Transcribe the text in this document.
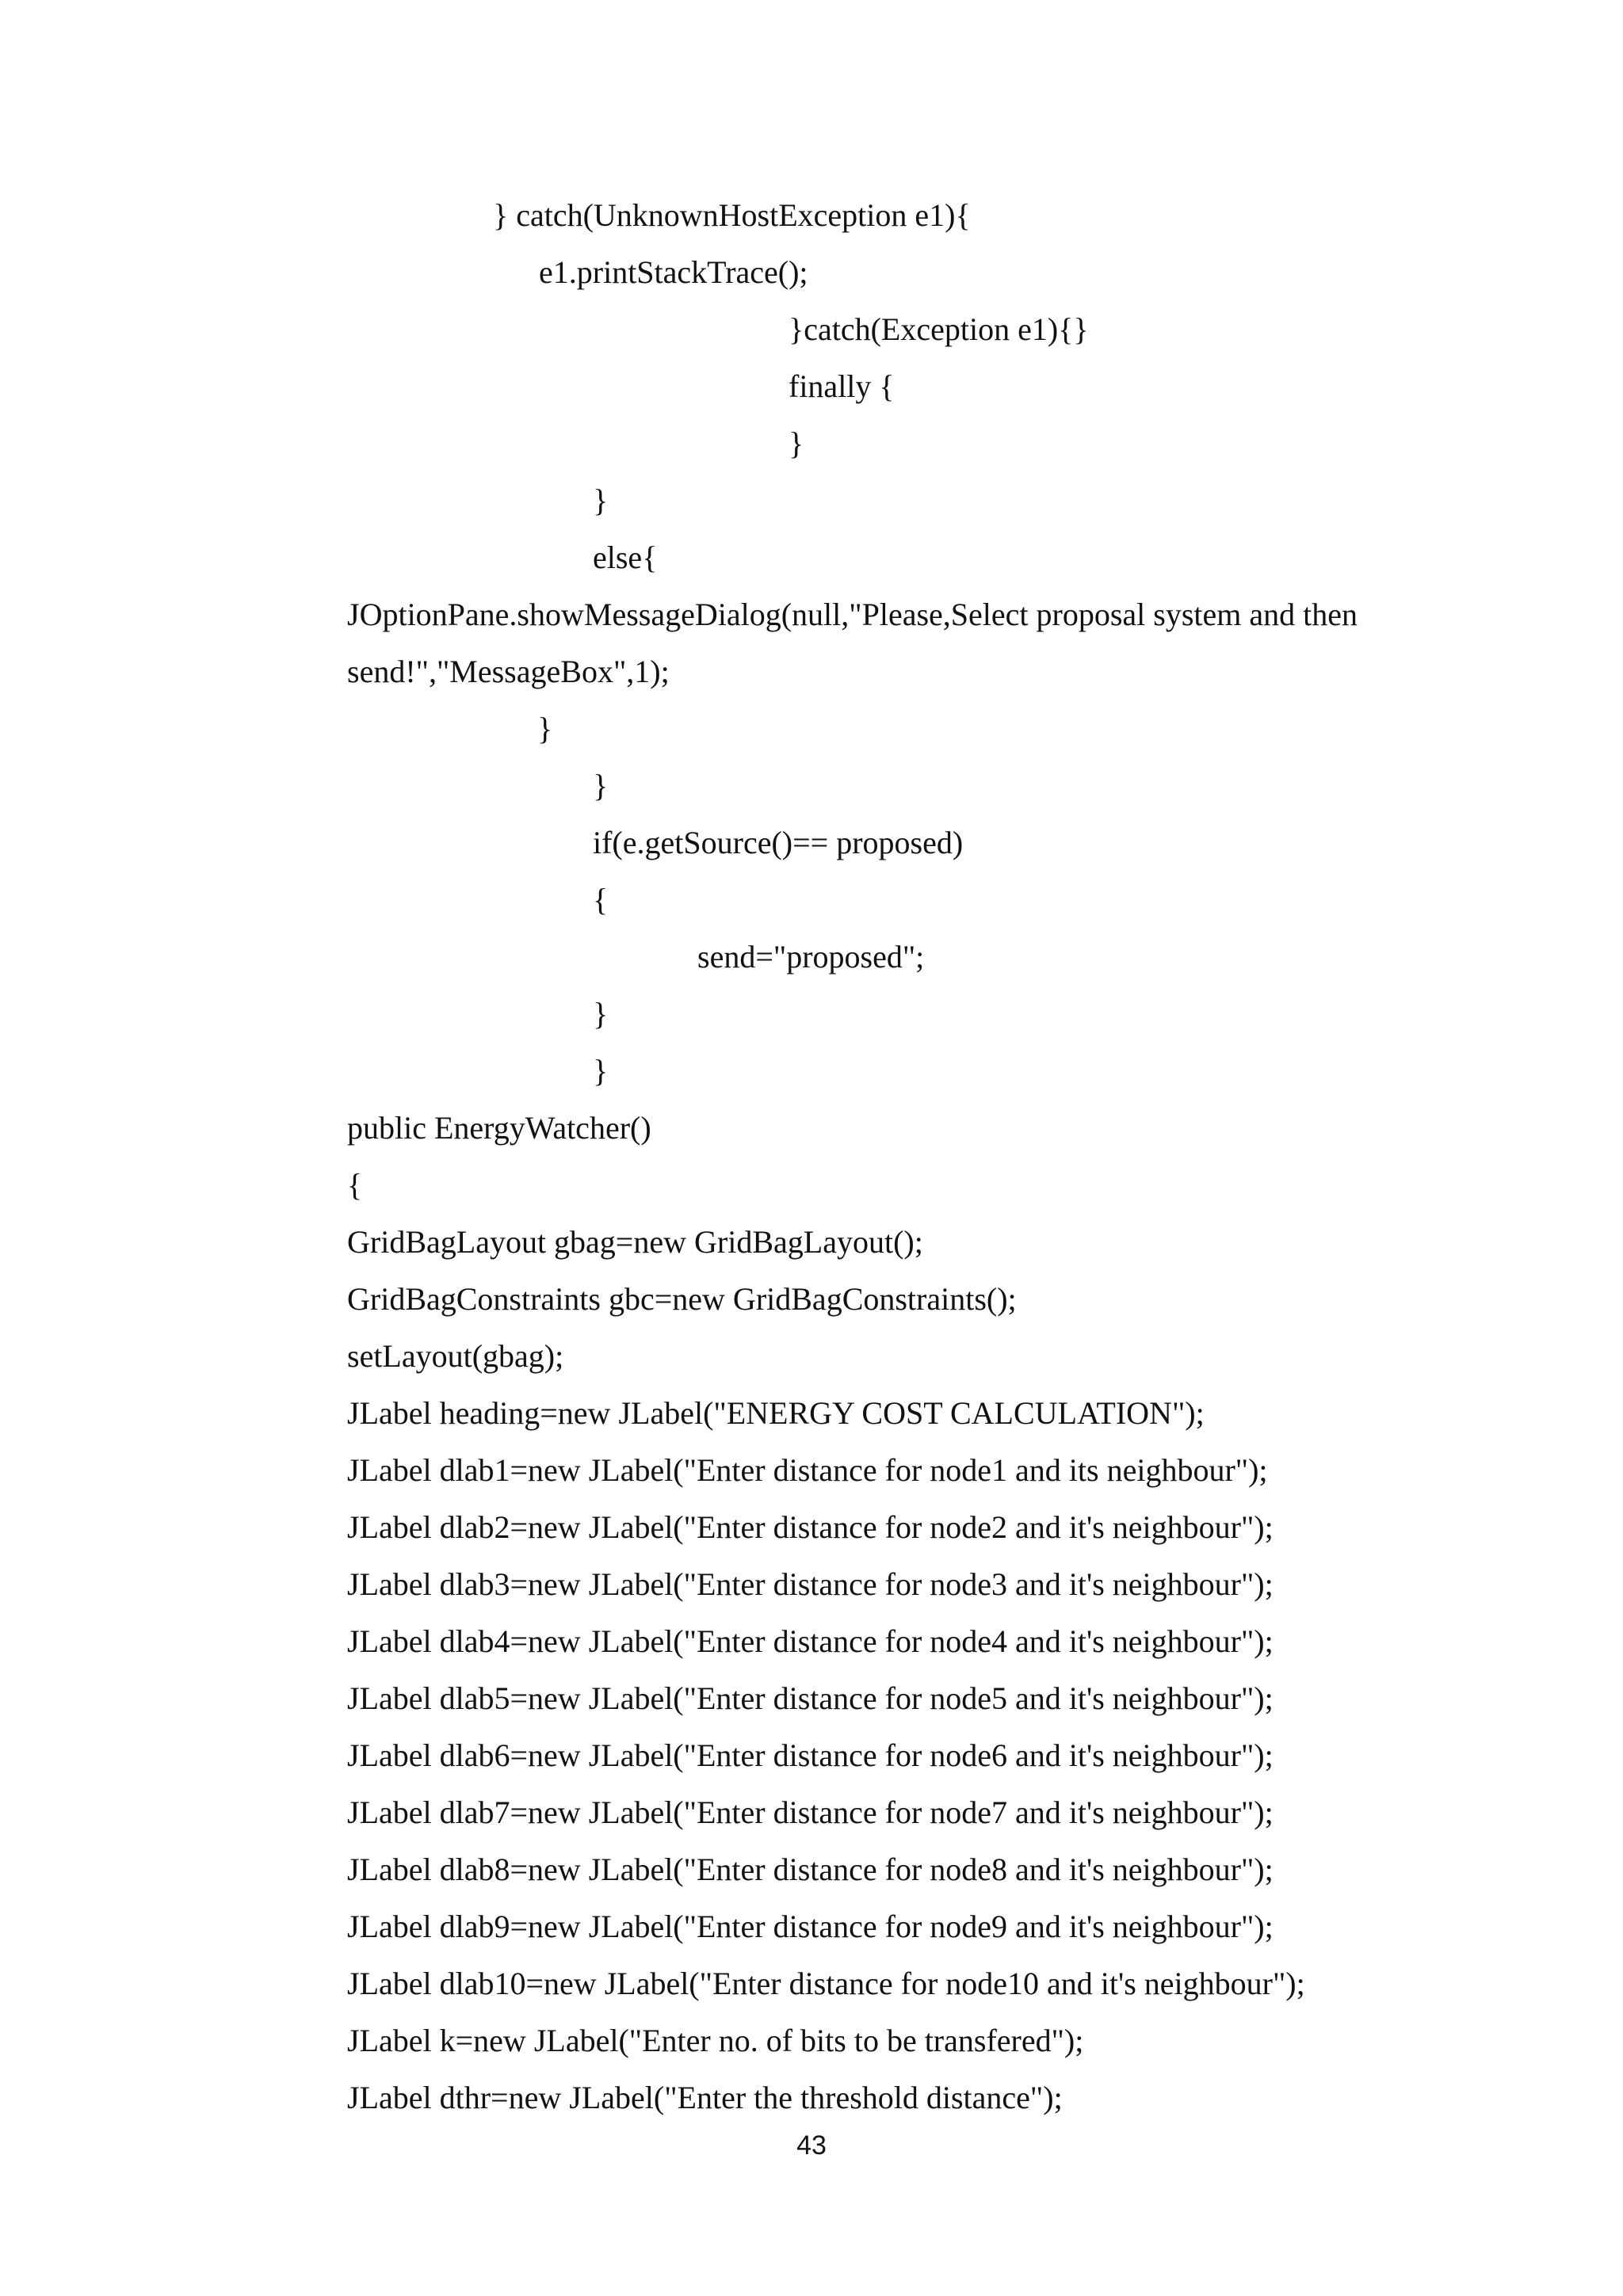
} catch(UnknownHostException e1){
e1.printStackTrace();
}catch(Exception e1){}
finally {
}
}
else{
JOptionPane.showMessageDialog(null,"Please,Select proposal system and then
send!","MessageBox",1);
}
}
if(e.getSource()== proposed)
{
send="proposed";
}
}
public EnergyWatcher()
{
GridBagLayout gbag=new GridBagLayout();
GridBagConstraints gbc=new GridBagConstraints();
setLayout(gbag);
JLabel heading=new JLabel("ENERGY COST CALCULATION");
JLabel dlab1=new JLabel("Enter distance for node1 and its neighbour");
JLabel dlab2=new JLabel("Enter distance for node2 and it's neighbour");
JLabel dlab3=new JLabel("Enter distance for node3 and it's neighbour");
JLabel dlab4=new JLabel("Enter distance for node4 and it's neighbour");
JLabel dlab5=new JLabel("Enter distance for node5 and it's neighbour");
JLabel dlab6=new JLabel("Enter distance for node6 and it's neighbour");
JLabel dlab7=new JLabel("Enter distance for node7 and it's neighbour");
JLabel dlab8=new JLabel("Enter distance for node8 and it's neighbour");
JLabel dlab9=new JLabel("Enter distance for node9 and it's neighbour");
JLabel dlab10=new JLabel("Enter distance for node10 and it's neighbour");
JLabel k=new JLabel("Enter no. of bits to be transfered");
JLabel dthr=new JLabel("Enter the threshold distance");
43
